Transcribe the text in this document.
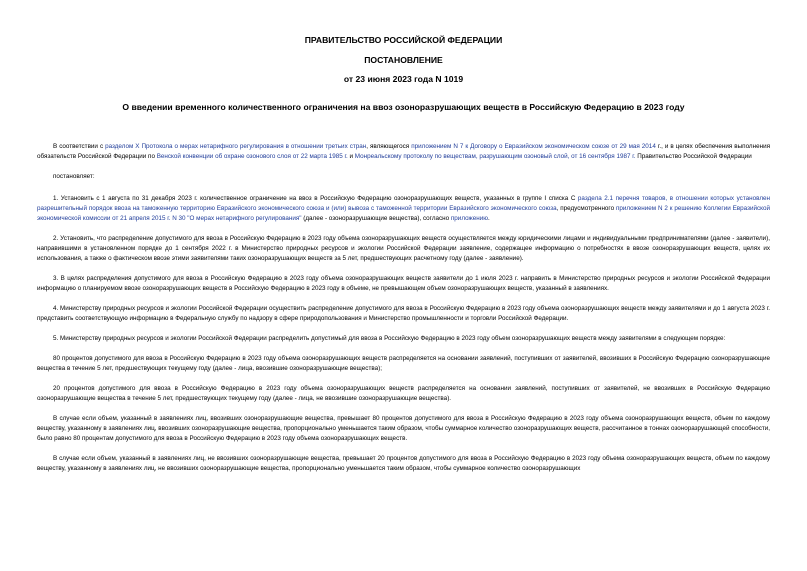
ПРАВИТЕЛЬСТВО РОССИЙСКОЙ ФЕДЕРАЦИИ
ПОСТАНОВЛЕНИЕ
от 23 июня 2023 года N 1019
О введении временного количественного ограничения на ввоз озоноразрушающих веществ в Российскую Федерацию в 2023 году

В соответствии с разделом X Протокола о мерах нетарифного регулирования в отношении третьих стран, являющегося приложением N 7 к Договору о Евразийском экономическом союзе от 29 мая 2014 г., и в целях обеспечения выполнения обязательств Российской Федерации по Венской конвенции об охране озонового слоя от 22 марта 1985 г. и Монреальскому протоколу по веществам, разрушающим озоновый слой, от 16 сентября 1987 г. Правительство Российской Федерации

постановляет:

1. Установить с 1 августа по 31 декабря 2023 г. количественное ограничение на ввоз в Российскую Федерацию озоноразрушающих веществ, указанных в группе I списка С раздела 2.1 перечня товаров, в отношении которых установлен разрешительный порядок ввоза на таможенную территорию Евразийского экономического союза и (или) вывоза с таможенной территории Евразийского экономического союза, предусмотренного приложением N 2 к решению Коллегии Евразийской экономической комиссии от 21 апреля 2015 г. N 30 "О мерах нетарифного регулирования" (далее - озоноразрушающие вещества), согласно приложению.

2. Установить, что распределение допустимого для ввоза в Российскую Федерацию в 2023 году объема озоноразрушающих веществ осуществляется между юридическими лицами и индивидуальными предпринимателями (далее - заявители), направившими в установленном порядке до 1 сентября 2022 г. в Министерство природных ресурсов и экологии Российской Федерации заявление, содержащее информацию о потребностях в ввозе озоноразрушающих веществ, целях их использования, а также о фактическом ввозе этими заявителями таких озоноразрушающих веществ за 5 лет, предшествующих расчетному году (далее - заявление).

3. В целях распределения допустимого для ввоза в Российскую Федерацию в 2023 году объема озоноразрушающих веществ заявители до 1 июля 2023 г. направить в Министерство природных ресурсов и экологии Российской Федерации информацию о планируемом ввозе озоноразрушающих веществ в Российскую Федерацию в 2023 году в объеме, не превышающем объем озоноразрушающих веществ, указанный в заявлениях.

4. Министерству природных ресурсов и экологии Российской Федерации осуществить распределение допустимого для ввоза в Российскую Федерацию в 2023 году объема озоноразрушающих веществ между заявителями и до 1 августа 2023 г. представить соответствующую информацию в Федеральную службу по надзору в сфере природопользования и Министерство промышленности и торговли Российской Федерации.

5. Министерству природных ресурсов и экологии Российской Федерации распределить допустимый для ввоза в Российскую Федерацию в 2023 году объем озоноразрушающих веществ между заявителями в следующем порядке:

80 процентов допустимого для ввоза в Российскую Федерацию в 2023 году объема озоноразрушающих веществ распределяется на основании заявлений, поступивших от заявителей, ввозивших в Российскую Федерацию озоноразрушающие вещества в течение 5 лет, предшествующих текущему году (далее - лица, ввозившие озоноразрушающие вещества);

20 процентов допустимого для ввоза в Российскую Федерацию в 2023 году объема озоноразрушающих веществ распределяется на основании заявлений, поступивших от заявителей, не ввозивших в Российскую Федерацию озоноразрушающие вещества в течение 5 лет, предшествующих текущему году (далее - лица, не ввозившие озоноразрушающие вещества).

В случае если объем, указанный в заявлениях лиц, ввозивших озоноразрушающие вещества, превышает 80 процентов допустимого для ввоза в Российскую Федерацию в 2023 году объема озоноразрушающих веществ, объем по каждому веществу, указанному в заявлениях лиц, ввозивших озоноразрушающие вещества, пропорционально уменьшается таким образом, чтобы суммарное количество озоноразрушающих веществ, рассчитанное в тоннах озоноразрушающей способности, было равно 80 процентам допустимого для ввоза в Российскую Федерацию в 2023 году объема озоноразрушающих веществ.

В случае если объем, указанный в заявлениях лиц, не ввозивших озоноразрушающие вещества, превышает 20 процентов допустимого для ввоза в Российскую Федерацию в 2023 году объема озоноразрушающих веществ, объем по каждому веществу, указанному в заявлениях лиц, не ввозивших озоноразрушающие вещества, пропорционально уменьшается таким образом, чтобы суммарное количество озоноразрушающих
